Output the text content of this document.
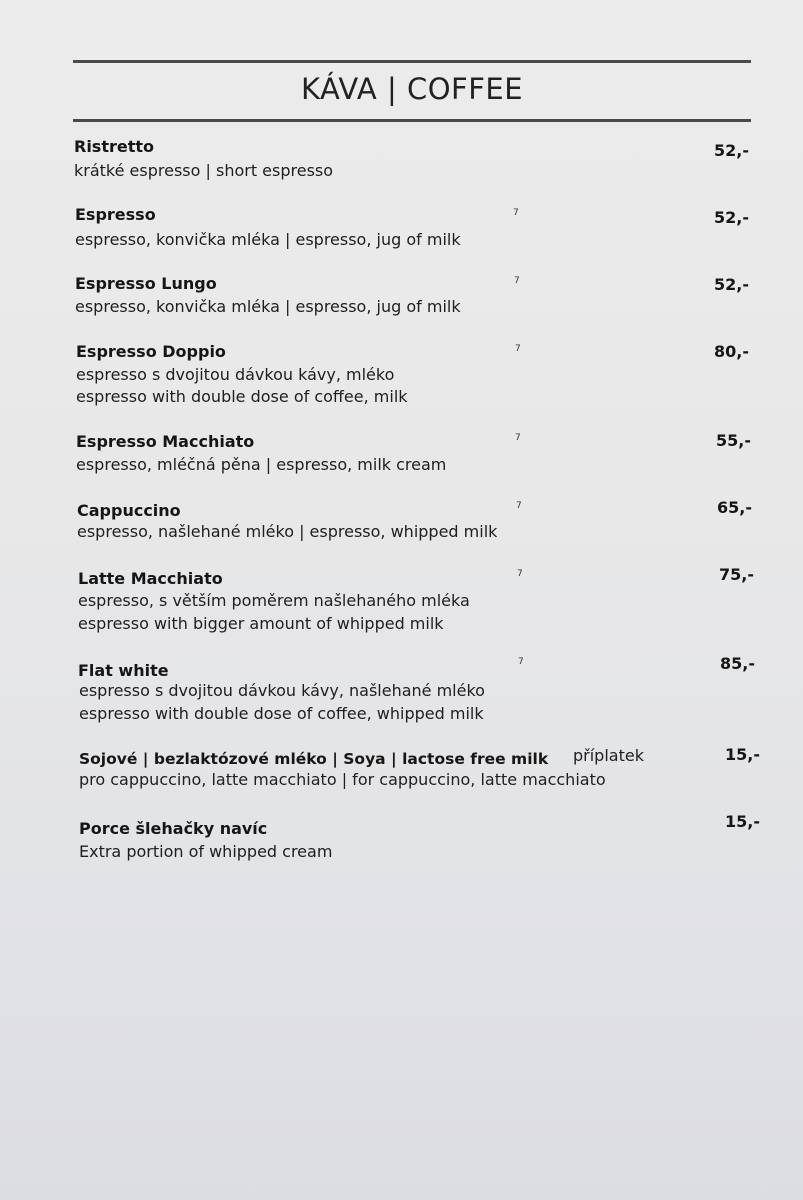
KÁVA | COFFEE
Ristretto	52,-
krátké espresso | short espresso
Espresso	7	52,-
espresso, konvička mléka | espresso, jug of milk
Espresso Lungo	7	52,-
espresso, konvička mléka | espresso, jug of milk
Espresso Doppio	7	80,-
espresso s dvojitou dávkou kávy, mléko
espresso with double dose of coffee, milk
Espresso Macchiato	7	55,-
espresso, mléčná pěna | espresso, milk cream
Cappuccino	7	65,-
espresso, našlehané mléko | espresso, whipped milk
Latte Macchiato	7	75,-
espresso, s větším poměrem našlehaného mléka
espresso with bigger amount of whipped milk
Flat white	7	85,-
espresso s dvojitou dávkou kávy, našlehané mléko
espresso with double dose of coffee, whipped milk
Sojové | bezlaktózové mléko | Soya | lactose free milk příplatek	15,-
pro cappuccino, latte macchiato | for cappuccino, latte macchiato
Porce šlehačky navíc	15,-
Extra portion of whipped cream
